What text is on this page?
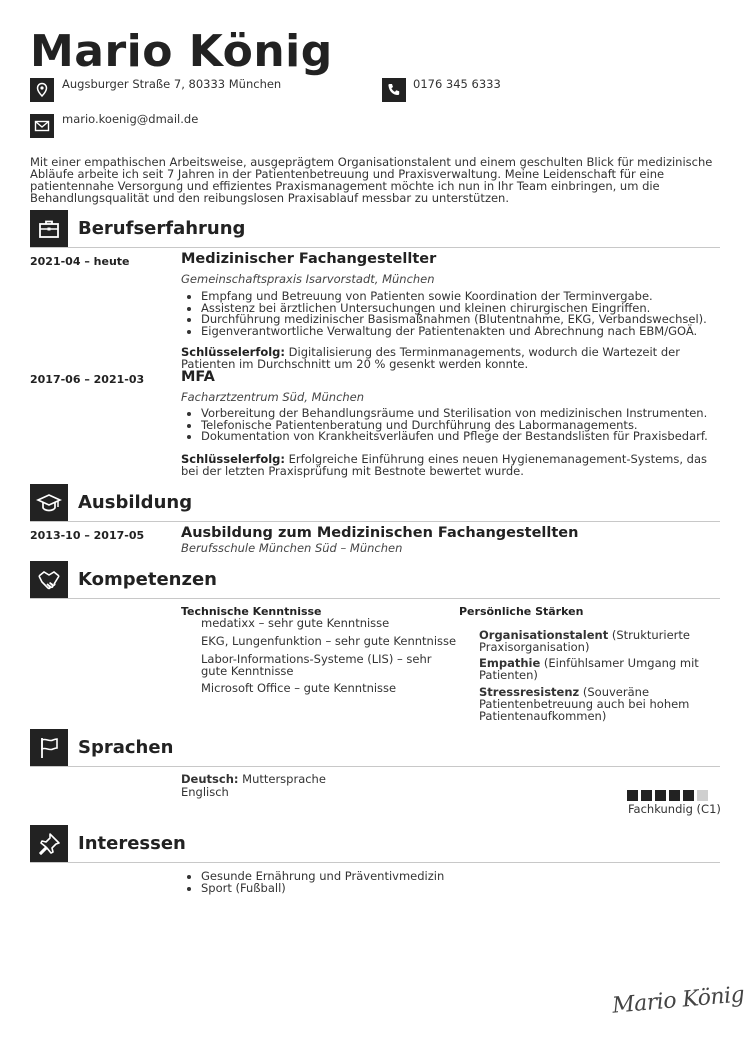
Mario König
Augsburger Straße 7, 80333 München	0176 345 6333
mario.koenig@dmail.de

Mit einer empathischen Arbeitsweise, ausgeprägtem Organisationstalent und einem geschulten Blick für medizinische Abläufe arbeite ich seit 7 Jahren in der Patientenbetreuung und Praxisverwaltung. Meine Leidenschaft für eine patientennahe Versorgung und effizientes Praxismanagement möchte ich nun in Ihr Team einbringen, um die Behandlungsqualität und den reibungslosen Praxisablauf messbar zu unterstützen.

Berufserfahrung
2021-04 – heute	Medizinischer Fachangestellter
Gemeinschaftspraxis Isarvorstadt, München
• Empfang und Betreuung von Patienten sowie Koordination der Terminvergabe.
• Assistenz bei ärztlichen Untersuchungen und kleinen chirurgischen Eingriffen.
• Durchführung medizinischer Basismaßnahmen (Blutentnahme, EKG, Verbandswechsel).
• Eigenverantwortliche Verwaltung der Patientenakten und Abrechnung nach EBM/GOÄ.

Schlüsselerfolg: Digitalisierung des Terminmanagements, wodurch die Wartezeit der Patienten im Durchschnitt um 20 % gesenkt werden konnte.

2017-06 – 2021-03	MFA
Facharztzentrum Süd, München
• Vorbereitung der Behandlungsräume und Sterilisation von medizinischen Instrumenten.
• Telefonische Patientenberatung und Durchführung des Labormanagements.
• Dokumentation von Krankheitsverläufen und Pflege der Bestandslisten für Praxisbedarf.

Schlüsselerfolg: Erfolgreiche Einführung eines neuen Hygienemanagement-Systems, das bei der letzten Praxisprüfung mit Bestnote bewertet wurde.

Ausbildung
2013-10 – 2017-05	Ausbildung zum Medizinischen Fachangestellten
Berufsschule München Süd – München
Kompetenzen
Technische Kenntnisse
medatixx – sehr gute Kenntnisse
EKG, Lungenfunktion – sehr gute Kenntnisse
Labor-Informations-Systeme (LIS) – sehr gute Kenntnisse
Microsoft Office – gute Kenntnisse
Persönliche Stärken
Organisationstalent (Strukturierte Praxisorganisation)
Empathie (Einfühlsamer Umgang mit Patienten)
Stressresistenz (Souveräne Patientenbetreuung auch bei hohem Patientenaufkommen)
Sprachen
Deutsch: Muttersprache
Englisch
Fachkundig (C1)
Interessen
• Gesunde Ernährung und Präventivmedizin
• Sport (Fußball)
Mario König
